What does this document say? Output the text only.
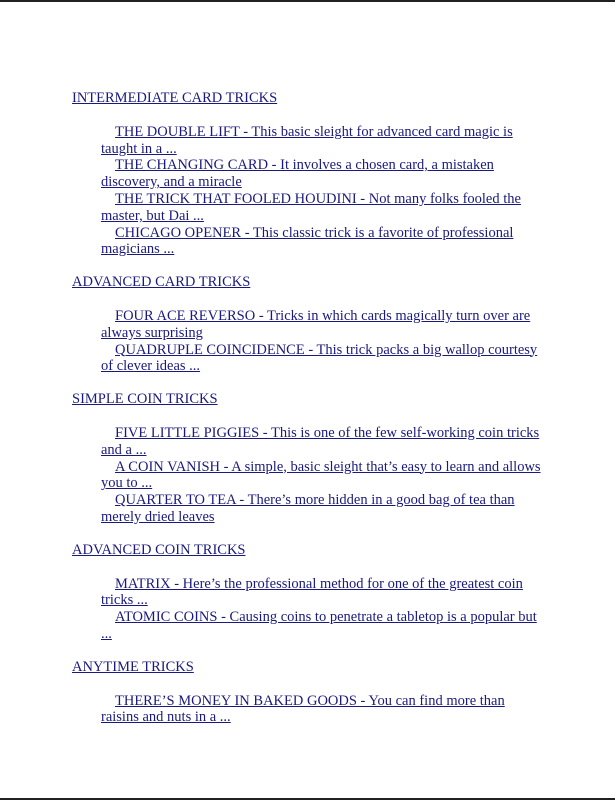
INTERMEDIATE CARD TRICKS
THE DOUBLE LIFT - This basic sleight for advanced card magic is taught in a ...
THE CHANGING CARD - It involves a chosen card, a mistaken discovery, and a miracle
THE TRICK THAT FOOLED HOUDINI - Not many folks fooled the master, but Dai ...
CHICAGO OPENER - This classic trick is a favorite of professional magicians ...
ADVANCED CARD TRICKS
FOUR ACE REVERSO - Tricks in which cards magically turn over are always surprising
QUADRUPLE COINCIDENCE - This trick packs a big wallop courtesy of clever ideas ...
SIMPLE COIN TRICKS
FIVE LITTLE PIGGIES - This is one of the few self-working coin tricks and a ...
A COIN VANISH - A simple, basic sleight that’s easy to learn and allows you to ...
QUARTER TO TEA - There’s more hidden in a good bag of tea than merely dried leaves
ADVANCED COIN TRICKS
MATRIX - Here’s the professional method for one of the greatest coin tricks ...
ATOMIC COINS - Causing coins to penetrate a tabletop is a popular but ...
ANYTIME TRICKS
THERE’S MONEY IN BAKED GOODS - You can find more than raisins and nuts in a ...
